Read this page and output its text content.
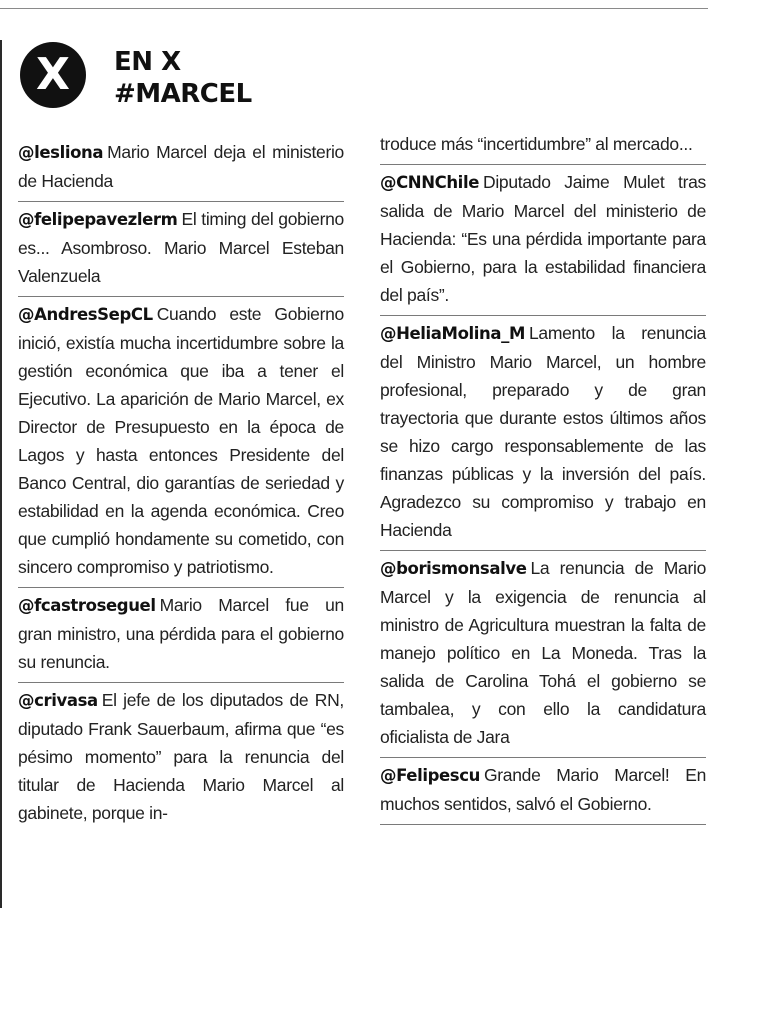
X	EN X
#MARCEL
@lesliona Mario Marcel deja el ministerio de Hacienda
@felipepavezlerm El timing del gobierno es... Asombroso. Mario Marcel Esteban Valenzuela
@AndresSepCL Cuando este Gobierno inició, existía mucha incertidumbre sobre la gestión económica que iba a tener el Ejecutivo. La aparición de Mario Marcel, ex Director de Presupuesto en la época de Lagos y hasta entonces Presidente del Banco Central, dio garantías de seriedad y estabilidad en la agenda económica. Creo que cumplió hondamente su cometido, con sincero compromiso y patriotismo.
@fcastroseguel Mario Marcel fue un gran ministro, una pérdida para el gobierno su renuncia.
@crivasa El jefe de los diputados de RN, diputado Frank Sauerbaum, afirma que “es pésimo momento” para la renuncia del titular de Hacienda Mario Marcel al gabinete, porque in-
troduce más “incertidumbre” al mercado...
@CNNChile Diputado Jaime Mulet tras salida de Mario Marcel del ministerio de Hacienda: “Es una pérdida importante para el Gobierno, para la estabilidad financiera del país”.
@HeliaMolina_M Lamento la renuncia del Ministro Mario Marcel, un hombre profesional, preparado y de gran trayectoria que durante estos últimos años se hizo cargo responsablemente de las finanzas públicas y la inversión del país. Agradezco su compromiso y trabajo en Hacienda
@borismonsalve La renuncia de Mario Marcel y la exigencia de renuncia al ministro de Agricultura muestran la falta de manejo político en La Moneda. Tras la salida de Carolina Tohá el gobierno se tambalea, y con ello la candidatura oficialista de Jara
@Felipescu Grande Mario Marcel! En muchos sentidos, salvó el Gobierno.
